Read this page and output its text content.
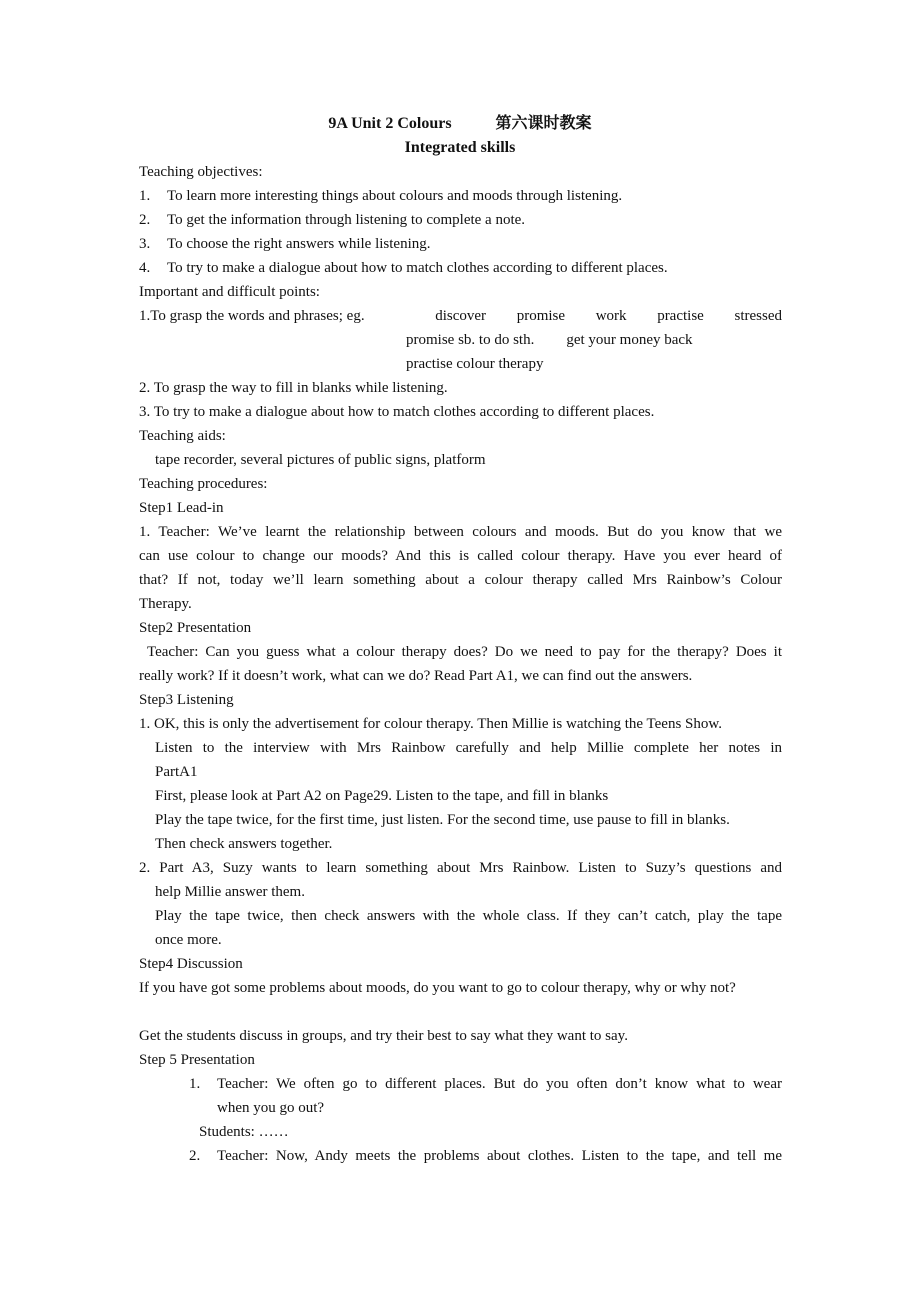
9A Unit 2 Colours	第六课时教案
Integrated skills
Teaching objectives:
1. To learn more interesting things about colours and moods through listening.
2. To get the information through listening to complete a note.
3. To choose the right answers while listening.
4. To try to make a dialogue about how to match clothes according to different places.
Important and difficult points:
1.To grasp the words and phrases; eg.	discover promise work practise stressed
promise sb. to do sth. get your money back
practise colour therapy
2. To grasp the way to fill in blanks while listening.
3. To try to make a dialogue about how to match clothes according to different places.
Teaching aids:
tape recorder, several pictures of public signs, platform
Teaching procedures:
Step1 Lead-in
1. Teacher: We’ve learnt the relationship between colours and moods. But do you know that we
can use colour to change our moods? And this is called colour therapy. Have you ever heard of
that? If not, today we’ll learn something about a colour therapy called Mrs Rainbow’s Colour
Therapy.
Step2 Presentation
Teacher: Can you guess what a colour therapy does? Do we need to pay for the therapy? Does it
really work? If it doesn’t work, what can we do? Read Part A1, we can find out the answers.
Step3 Listening
1. OK, this is only the advertisement for colour therapy. Then Millie is watching the Teens Show.
Listen to the interview with Mrs Rainbow carefully and help Millie complete her notes in
PartA1
First, please look at Part A2 on Page29. Listen to the tape, and fill in blanks
Play the tape twice, for the first time, just listen. For the second time, use pause to fill in blanks.
Then check answers together.
2. Part A3, Suzy wants to learn something about Mrs Rainbow. Listen to Suzy’s questions and
help Millie answer them.
Play the tape twice, then check answers with the whole class. If they can’t catch, play the tape
once more.
Step4 Discussion
If you have got some problems about moods, do you want to go to colour therapy, why or why not?
Get the students discuss in groups, and try their best to say what they want to say.
Step 5 Presentation
1.	Teacher: We often go to different places. But do you often don’t know what to wear
when you go out?
Students: ……
2.	Teacher: Now, Andy meets the problems about clothes. Listen to the tape, and tell me
